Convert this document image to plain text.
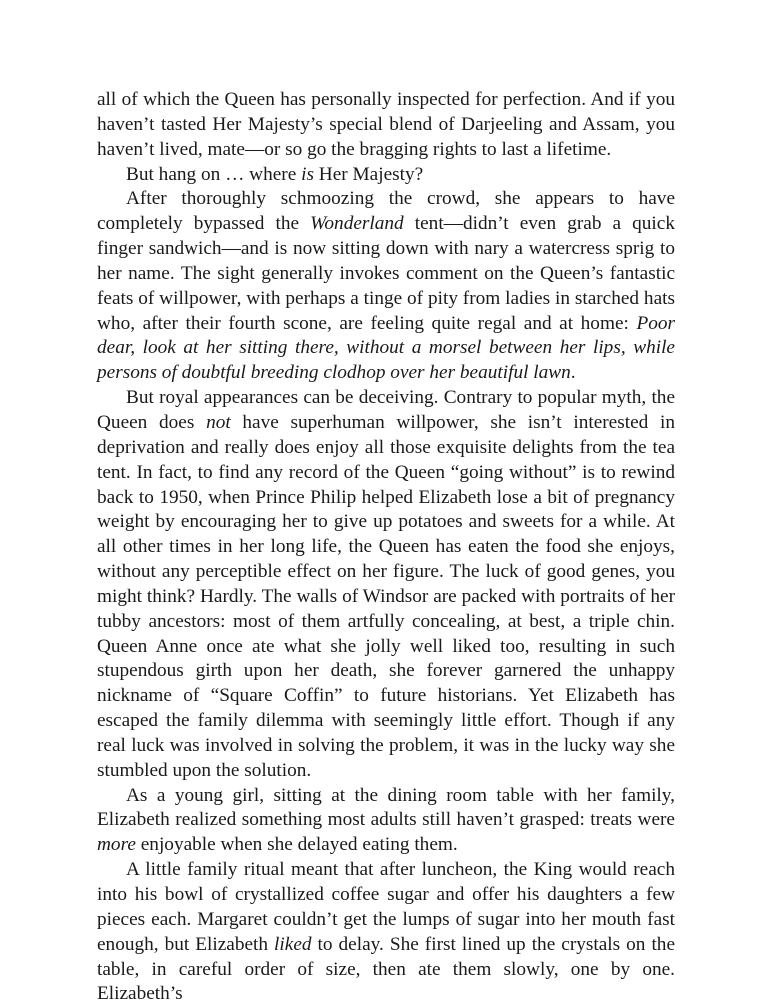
all of which the Queen has personally inspected for perfection. And if you haven’t tasted Her Majesty’s special blend of Darjeeling and Assam, you haven’t lived, mate—or so go the bragging rights to last a lifetime.

But hang on … where is Her Majesty?

After thoroughly schmoozing the crowd, she appears to have completely bypassed the Wonderland tent—didn’t even grab a quick finger sandwich—and is now sitting down with nary a watercress sprig to her name. The sight generally invokes comment on the Queen’s fantastic feats of willpower, with perhaps a tinge of pity from ladies in starched hats who, after their fourth scone, are feeling quite regal and at home: Poor dear, look at her sitting there, without a morsel between her lips, while persons of doubtful breeding clodhop over her beautiful lawn.

But royal appearances can be deceiving. Contrary to popular myth, the Queen does not have superhuman willpower, she isn’t interested in deprivation and really does enjoy all those exquisite delights from the tea tent. In fact, to find any record of the Queen “going without” is to rewind back to 1950, when Prince Philip helped Elizabeth lose a bit of pregnancy weight by encouraging her to give up potatoes and sweets for a while. At all other times in her long life, the Queen has eaten the food she enjoys, without any perceptible effect on her figure. The luck of good genes, you might think? Hardly. The walls of Windsor are packed with portraits of her tubby ancestors: most of them artfully concealing, at best, a triple chin. Queen Anne once ate what she jolly well liked too, resulting in such stupendous girth upon her death, she forever garnered the unhappy nickname of “Square Coffin” to future historians. Yet Elizabeth has escaped the family dilemma with seemingly little effort. Though if any real luck was involved in solving the problem, it was in the lucky way she stumbled upon the solution.

As a young girl, sitting at the dining room table with her family, Elizabeth realized something most adults still haven’t grasped: treats were more enjoyable when she delayed eating them.

A little family ritual meant that after luncheon, the King would reach into his bowl of crystallized coffee sugar and offer his daughters a few pieces each. Margaret couldn’t get the lumps of sugar into her mouth fast enough, but Elizabeth liked to delay. She first lined up the crystals on the table, in careful order of size, then ate them slowly, one by one. Elizabeth’s
